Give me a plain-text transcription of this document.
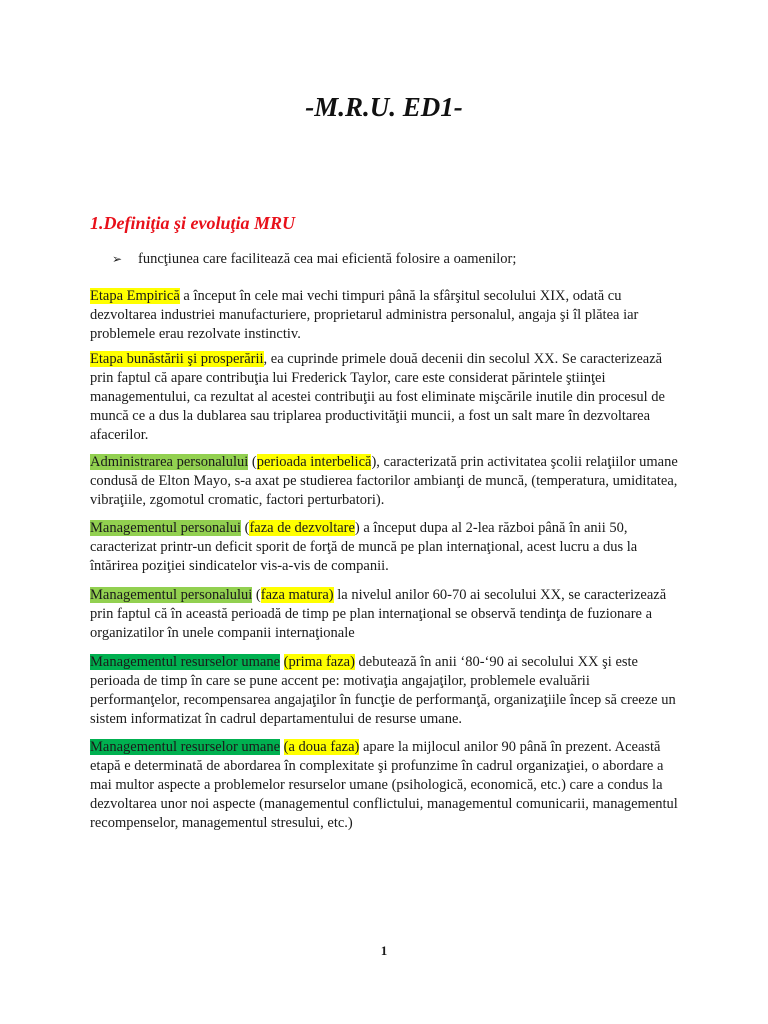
-M.R.U. ED1-
1.Definiţia şi evoluţia MRU
➢ funcţiunea care facilitează cea mai eficientă folosire a oamenilor;

Etapa Empirică a început în cele mai vechi timpuri până la sfârşitul secolului XIX, odată cu dezvoltarea industriei manufacturiere, proprietarul administra personalul, angaja şi îl plătea iar problemele erau rezolvate instinctiv.

Etapa bunăstării şi prosperării, ea cuprinde primele două decenii din secolul XX. Se caracterizează prin faptul că apare contribuţia lui Frederick Taylor, care este considerat părintele ştiinţei managementului, ca rezultat al acestei contribuţii au fost eliminate mişcările inutile din procesul de muncă ce a dus la dublarea sau triplarea productivităţii muncii, a fost un salt mare în dezvoltarea afacerilor.

Administrarea personalului (perioada interbelică), caracterizată prin activitatea şcolii relaţiilor umane condusă de Elton Mayo, s-a axat pe studierea factorilor ambianţi de muncă, (temperatura, umiditatea, vibraţiile, zgomotul cromatic, factori perturbatori).

Managementul personalui (faza de dezvoltare) a început dupa al 2-lea război până în anii 50, caracterizat printr-un deficit sporit de forţă de muncă pe plan internaţional, acest lucru a dus la întărirea poziţiei sindicatelor vis-a-vis de companii.

Managementul personalului (faza matura) la nivelul anilor 60-70 ai secolului XX, se caracterizează prin faptul că în această perioadă de timp pe plan internaţional se observă tendinţa de fuzionare a organizatilor în unele companii internaţionale

Managementul resurselor umane (prima faza) debutează în anii ‘80-‘90 ai secolului XX şi este perioada de timp în care se pune accent pe: motivaţia angajaţilor, problemele evaluării performanţelor, recompensarea angajaţilor în funcţie de performanţă, organizaţiile încep să creeze un sistem informatizat în cadrul departamentului de resurse umane.

Managementul resurselor umane (a doua faza) apare la mijlocul anilor 90 până în prezent. Această etapă e determinată de abordarea în complexitate şi profunzime în cadrul organizaţiei, o abordare a mai multor aspecte a problemelor resurselor umane (psihologică, economică, etc.) care a condus la dezvoltarea unor noi aspecte (managementul conflictului, managementul comunicarii, managementul recompenselor, managementul stresului, etc.)

1
